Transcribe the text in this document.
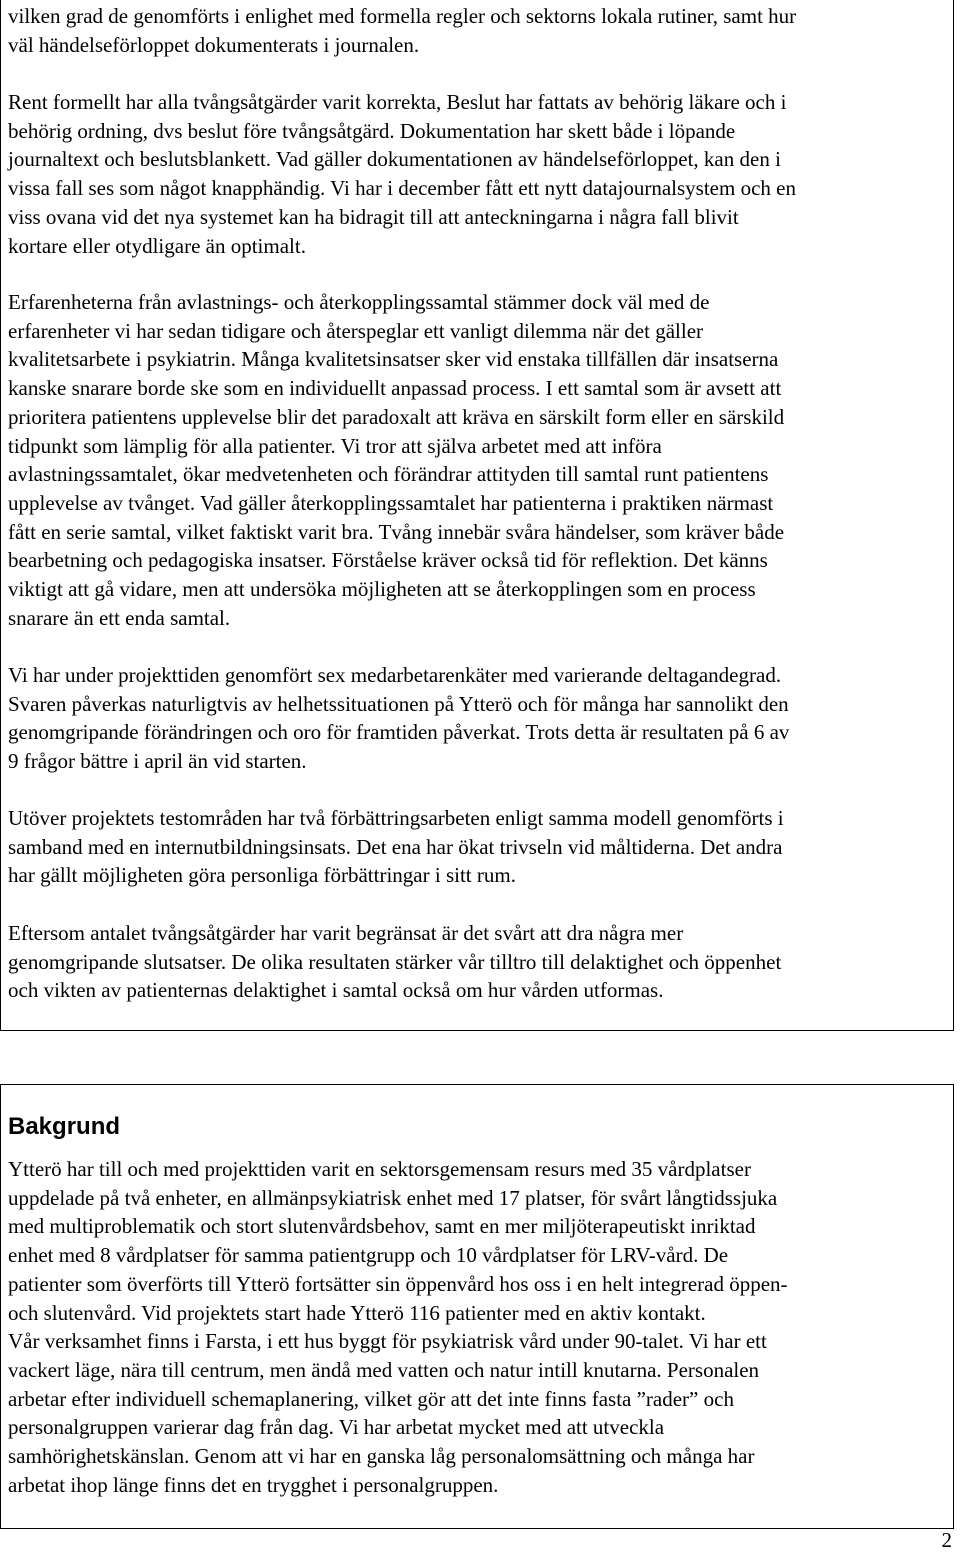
vilken grad de genomförts i enlighet med formella regler och sektorns lokala rutiner, samt hur
väl händelseförloppet dokumenterats i journalen.

Rent formellt har alla tvångsåtgärder varit korrekta, Beslut har fattats av behörig läkare och i
behörig ordning, dvs beslut före tvångsåtgärd. Dokumentation har skett både i löpande
journaltext och beslutsblankett. Vad gäller dokumentationen av händelseförloppet, kan den i
vissa fall ses som något knapphändig. Vi har i december fått ett nytt datajournalsystem och en
viss ovana vid det nya systemet kan ha bidragit till att anteckningarna i några fall blivit
kortare eller otydligare än optimalt.

Erfarenheterna från avlastnings- och återkopplingssamtal stämmer dock väl med de
erfarenheter vi har sedan tidigare och återspeglar ett vanligt dilemma när det gäller
kvalitetsarbete i psykiatrin. Många kvalitetsinsatser sker vid enstaka tillfällen där insatserna
kanske snarare borde ske som en individuellt anpassad process. I ett samtal som är avsett att
prioritera patientens upplevelse blir det paradoxalt att kräva en särskilt form eller en särskild
tidpunkt som lämplig för alla patienter. Vi tror att själva arbetet med att införa
avlastningssamtalet, ökar medvetenheten och förändrar attityden till samtal runt patientens
upplevelse av tvånget. Vad gäller återkopplingssamtalet har patienterna i praktiken närmast
fått en serie samtal, vilket faktiskt varit bra. Tvång innebär svåra händelser, som kräver både
bearbetning och pedagogiska insatser. Förståelse kräver också tid för reflektion. Det känns
viktigt att gå vidare, men att undersöka möjligheten att se återkopplingen som en process
snarare än ett enda samtal.

Vi har under projekttiden genomfört sex medarbetarenkäter med varierande deltagandegrad.
Svaren påverkas naturligtvis av helhetssituationen på Ytterö och för många har sannolikt den
genomgripande förändringen och oro för framtiden påverkat. Trots detta är resultaten på 6 av
9 frågor bättre i april än vid starten.

Utöver projektets testområden har två förbättringsarbeten enligt samma modell genomförts i
samband med en internutbildningsinsats. Det ena har ökat trivseln vid måltiderna. Det andra
har gällt möjligheten göra personliga förbättringar i sitt rum.

Eftersom antalet tvångsåtgärder har varit begränsat är det svårt att dra några mer
genomgripande slutsatser. De olika resultaten stärker vår tilltro till delaktighet och öppenhet
och vikten av patienternas delaktighet i samtal också om hur vården utformas.

Bakgrund

Ytterö har till och med projekttiden varit en sektorsgemensam resurs med 35 vårdplatser
uppdelade på två enheter, en allmänpsykiatrisk enhet med 17 platser, för svårt långtidssjuka
med multiproblematik och stort slutenvårdsbehov, samt en mer miljöterapeutiskt inriktad
enhet med 8 vårdplatser för samma patientgrupp och 10 vårdplatser för LRV-vård. De
patienter som överförts till Ytterö fortsätter sin öppenvård hos oss i en helt integrerad öppen-
och slutenvård. Vid projektets start hade Ytterö 116 patienter med en aktiv kontakt.
Vår verksamhet finns i Farsta, i ett hus byggt för psykiatrisk vård under 90-talet. Vi har ett
vackert läge, nära till centrum, men ändå med vatten och natur intill knutarna. Personalen
arbetar efter individuell schemaplanering, vilket gör att det inte finns fasta ”rader” och
personalgruppen varierar dag från dag. Vi har arbetat mycket med att utveckla
samhörighetskänslan. Genom att vi har en ganska låg personalomsättning och många har
arbetat ihop länge finns det en trygghet i personalgruppen.

2
